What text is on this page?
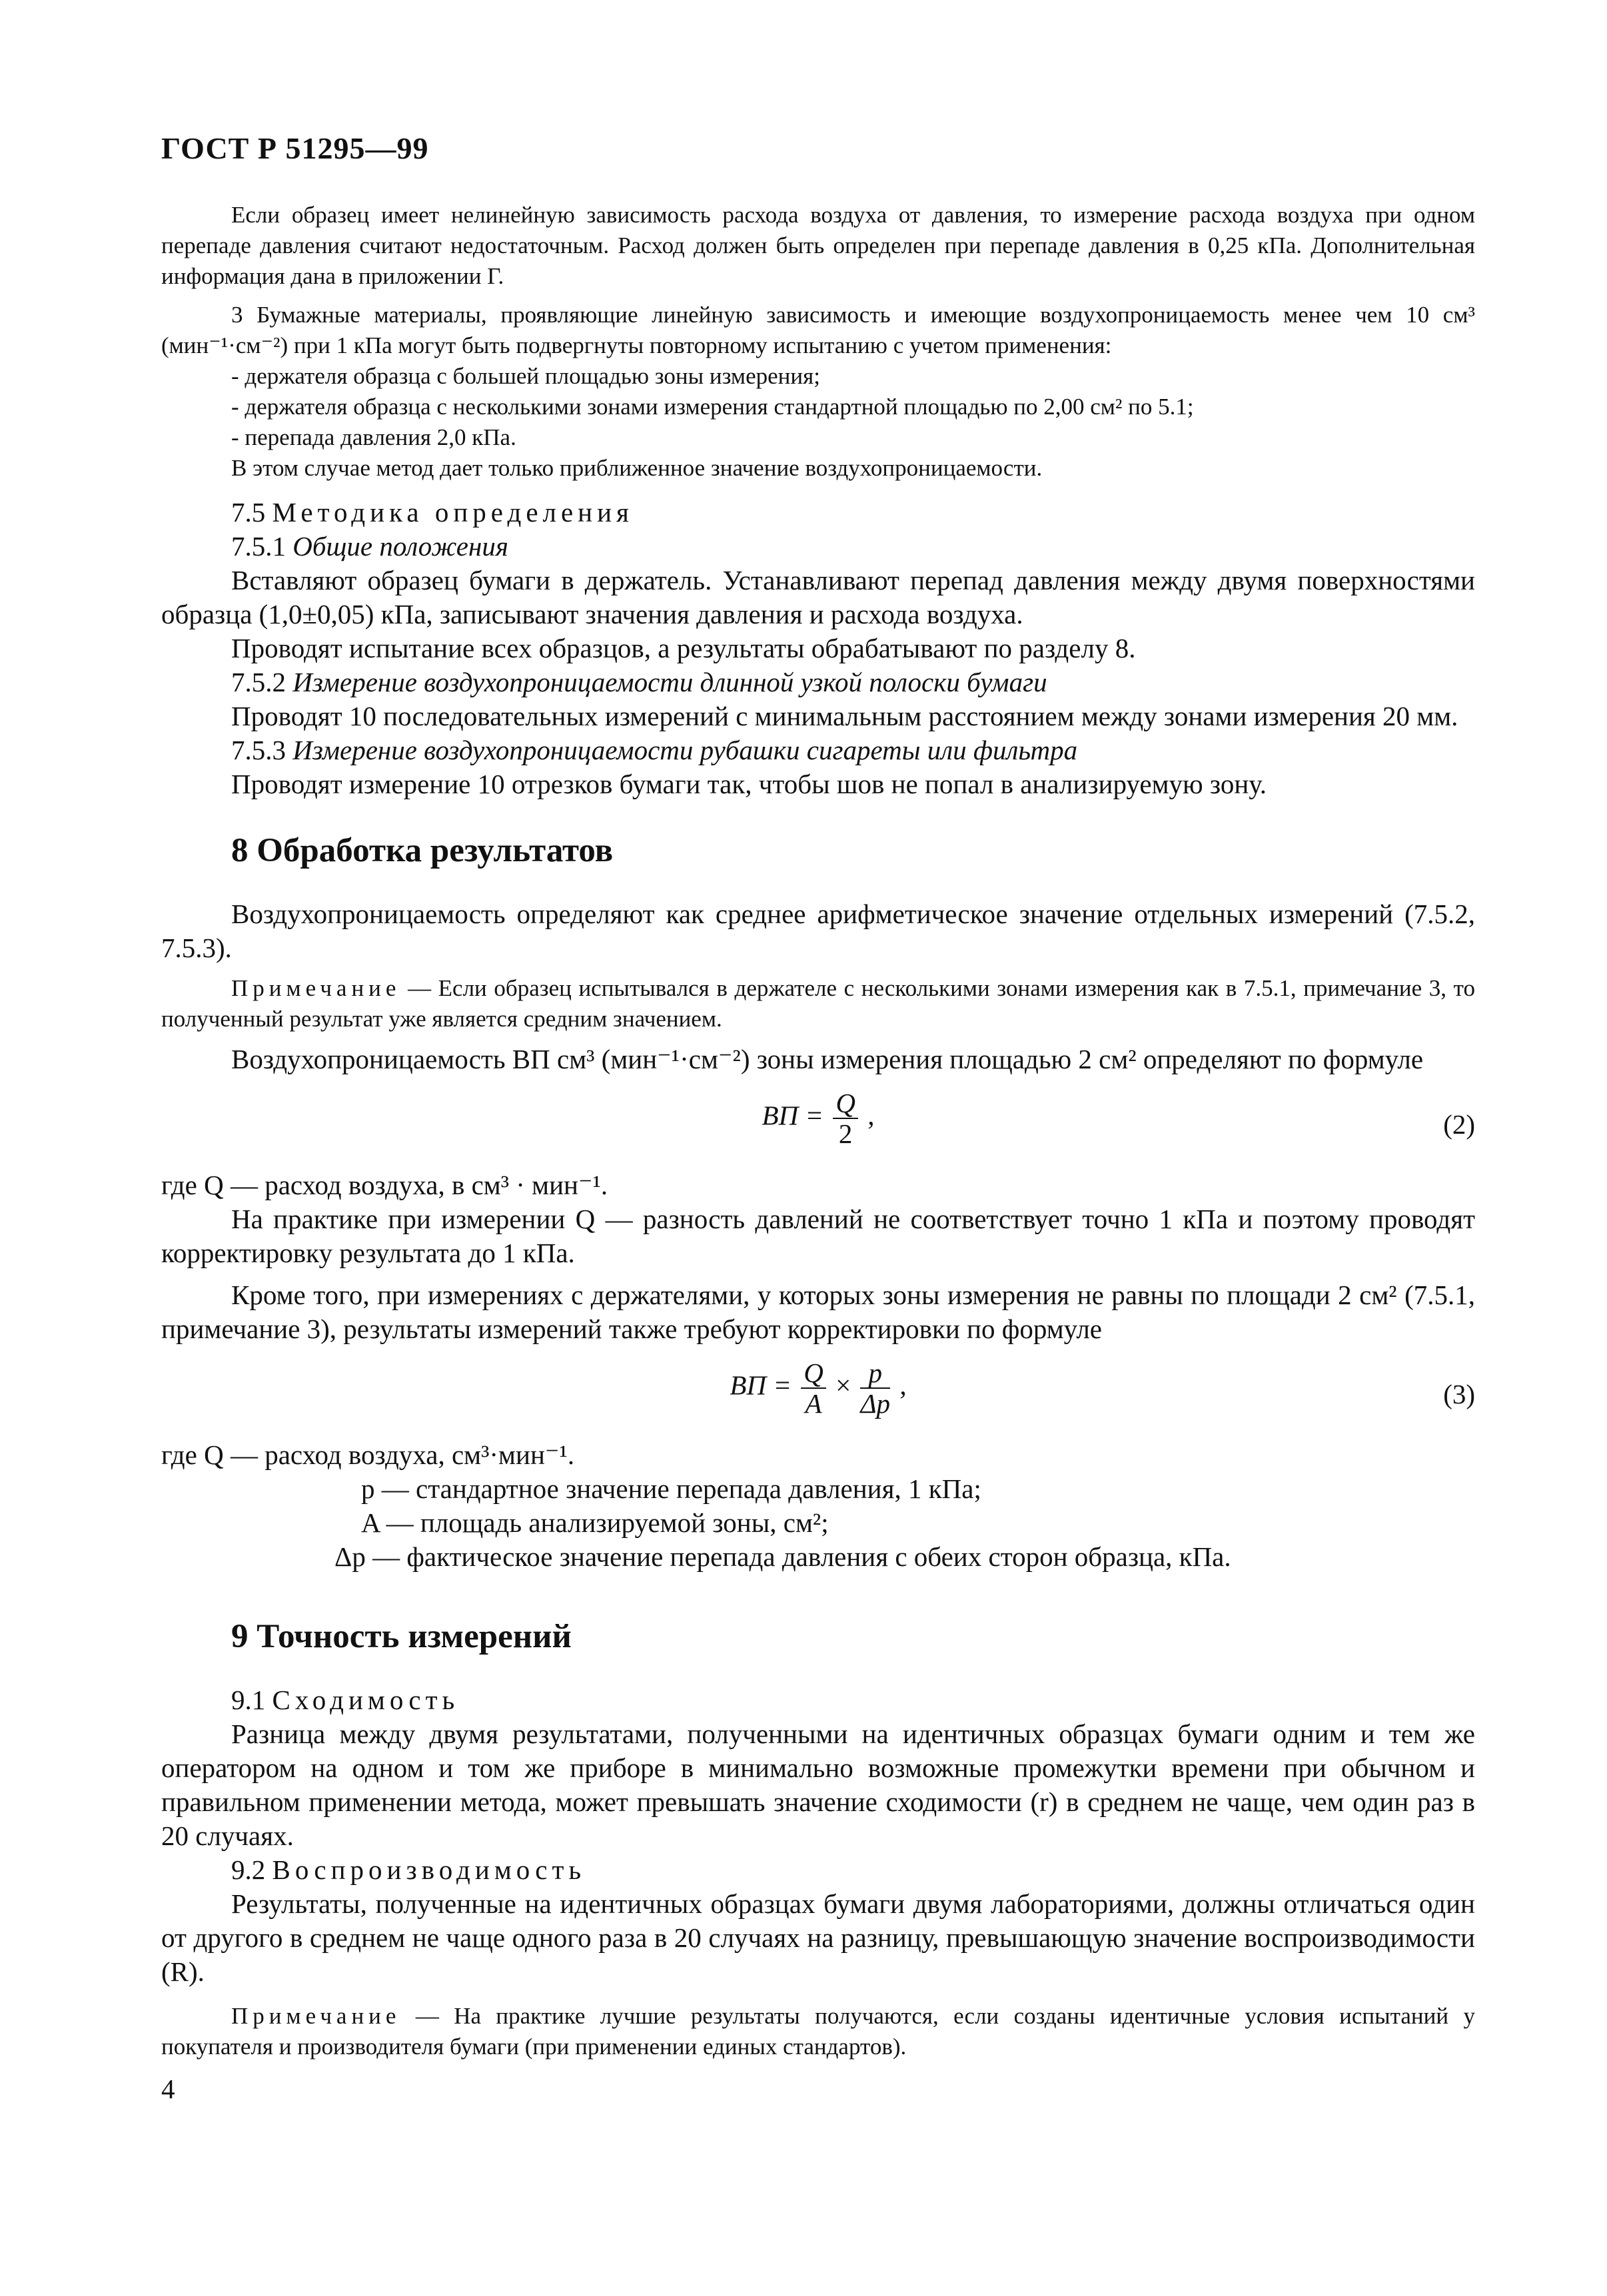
ГОСТ Р 51295—99

Если образец имеет нелинейную зависимость расхода воздуха от давления, то измерение расхода воздуха при одном перепаде давления считают недостаточным. Расход должен быть определен при перепаде давления в 0,25 кПа. Дополнительная информация дана в приложении Г.

3 Бумажные материалы, проявляющие линейную зависимость и имеющие воздухопроницаемость менее чем 10 см³ (мин⁻¹·см⁻²) при 1 кПа могут быть подвергнуты повторному испытанию с учетом применения:

- держателя образца с большей площадью зоны измерения;

- держателя образца с несколькими зонами измерения стандартной площадью по 2,00 см² по 5.1;

- перепада давления 2,0 кПа.

В этом случае метод дает только приближенное значение воздухопроницаемости.

7.5 Методика определения

7.5.1 Общие положения

Вставляют образец бумаги в держатель. Устанавливают перепад давления между двумя поверхностями образца (1,0±0,05) кПа, записывают значения давления и расхода воздуха.

Проводят испытание всех образцов, а результаты обрабатывают по разделу 8.

7.5.2 Измерение воздухопроницаемости длинной узкой полоски бумаги

Проводят 10 последовательных измерений с минимальным расстоянием между зонами измерения 20 мм.

7.5.3 Измерение воздухопроницаемости рубашки сигареты или фильтра

Проводят измерение 10 отрезков бумаги так, чтобы шов не попал в анализируемую зону.

8 Обработка результатов

Воздухопроницаемость определяют как среднее арифметическое значение отдельных измерений (7.5.2, 7.5.3).

Примечание — Если образец испытывался в держателе с несколькими зонами измерения как в 7.5.1, примечание 3, то полученный результат уже является средним значением.

Воздухопроницаемость ВП см³ (мин⁻¹·см⁻²) зоны измерения площадью 2 см² определяют по формуле

ВП = $\frac{Q}{2}$ ,	(2)

где Q — расход воздуха, в см³ · мин⁻¹.

На практике при измерении Q — разность давлений не соответствует точно 1 кПа и поэтому проводят корректировку результата до 1 кПа.

Кроме того, при измерениях с держателями, у которых зоны измерения не равны по площади 2 см² (7.5.1, примечание 3), результаты измерений также требуют корректировки по формуле

ВП = $\frac{Q}{A} \times \frac{p}{\Delta p}$ ,	(3)

где Q — расход воздуха, см³·мин⁻¹.

p — стандартное значение перепада давления, 1 кПа;

A — площадь анализируемой зоны, см²;

Δp — фактическое значение перепада давления с обеих сторон образца, кПа.

9 Точность измерений

9.1 Сходимость

Разница между двумя результатами, полученными на идентичных образцах бумаги одним и тем же оператором на одном и том же приборе в минимально возможные промежутки времени при обычном и правильном применении метода, может превышать значение сходимости (r) в среднем не чаще, чем один раз в 20 случаях.

9.2 Воспроизводимость

Результаты, полученные на идентичных образцах бумаги двумя лабораториями, должны отличаться один от другого в среднем не чаще одного раза в 20 случаях на разницу, превышающую значение воспроизводимости (R).

Примечание — На практике лучшие результаты получаются, если созданы идентичные условия испытаний у покупателя и производителя бумаги (при применении единых стандартов).

4
